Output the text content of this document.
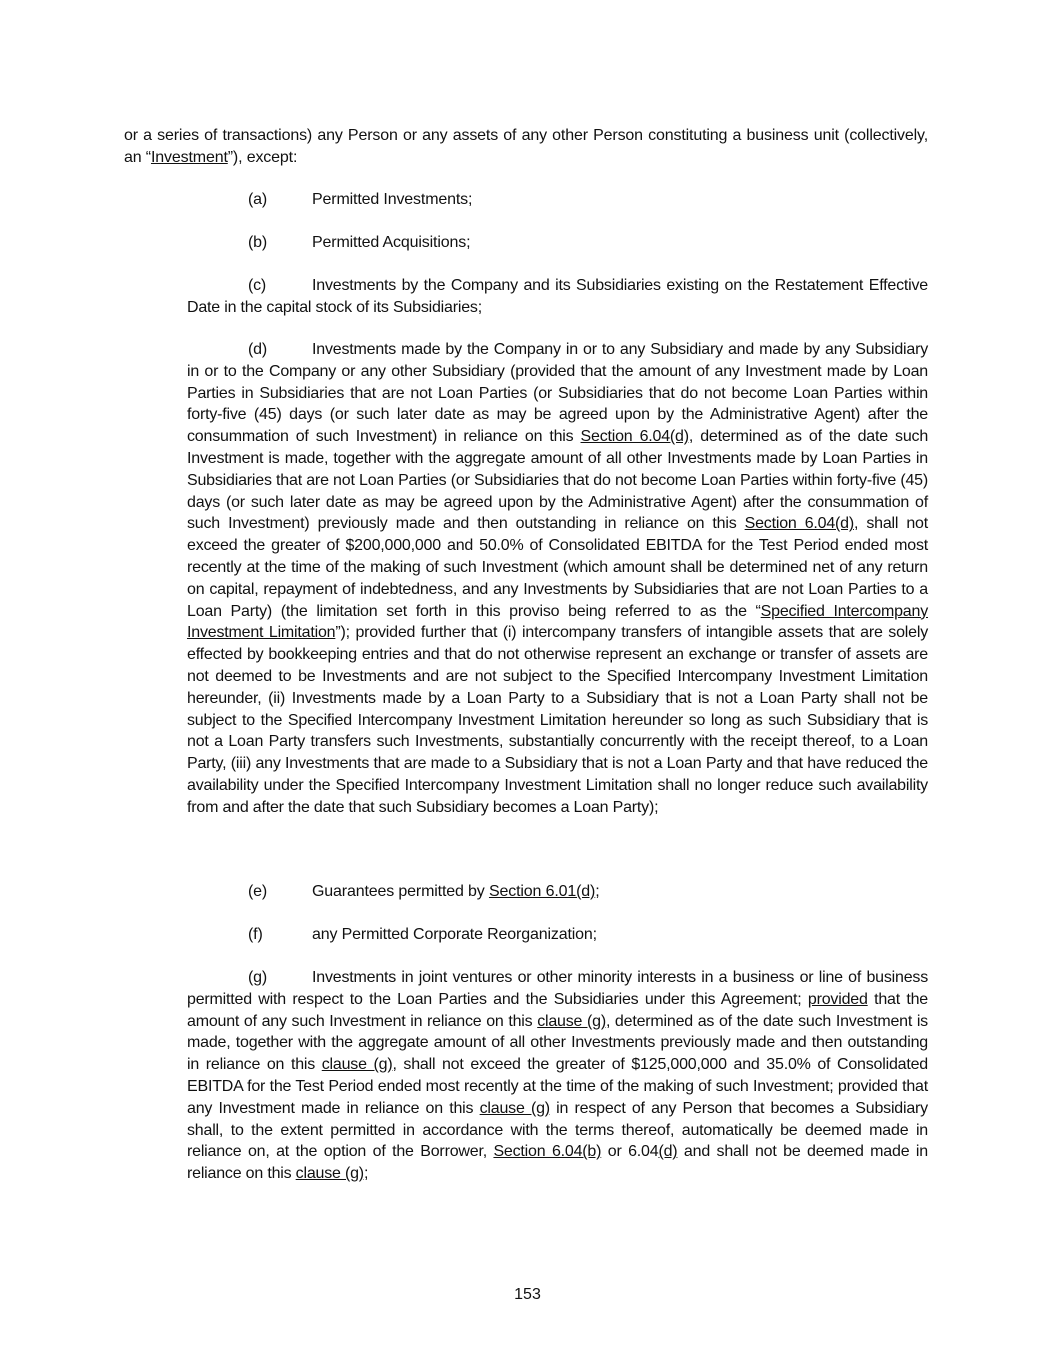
or a series of transactions) any Person or any assets of any other Person constituting a business unit (collectively, an “Investment”), except:

(a)	Permitted Investments;

(b)	Permitted Acquisitions;

(c)	Investments by the Company and its Subsidiaries existing on the Restatement Effective Date in the capital stock of its Subsidiaries;

(d)	Investments made by the Company in or to any Subsidiary and made by any Subsidiary in or to the Company or any other Subsidiary (provided that the amount of any Investment made by Loan Parties in Subsidiaries that are not Loan Parties (or Subsidiaries that do not become Loan Parties within forty-five (45) days (or such later date as may be agreed upon by the Administrative Agent) after the consummation of such Investment) in reliance on this Section 6.04(d), determined as of the date such Investment is made, together with the aggregate amount of all other Investments made by Loan Parties in Subsidiaries that are not Loan Parties (or Subsidiaries that do not become Loan Parties within forty-five (45) days (or such later date as may be agreed upon by the Administrative Agent) after the consummation of such Investment) previously made and then outstanding in reliance on this Section 6.04(d), shall not exceed the greater of $200,000,000 and 50.0% of Consolidated EBITDA for the Test Period ended most recently at the time of the making of such Investment (which amount shall be determined net of any return on capital, repayment of indebtedness, and any Investments by Subsidiaries that are not Loan Parties to a Loan Party) (the limitation set forth in this proviso being referred to as the “Specified Intercompany Investment Limitation”); provided further that (i) intercompany transfers of intangible assets that are solely effected by bookkeeping entries and that do not otherwise represent an exchange or transfer of assets are not deemed to be Investments and are not subject to the Specified Intercompany Investment Limitation hereunder, (ii) Investments made by a Loan Party to a Subsidiary that is not a Loan Party shall not be subject to the Specified Intercompany Investment Limitation hereunder so long as such Subsidiary that is not a Loan Party transfers such Investments, substantially concurrently with the receipt thereof, to a Loan Party, (iii) any Investments that are made to a Subsidiary that is not a Loan Party and that have reduced the availability under the Specified Intercompany Investment Limitation shall no longer reduce such availability from and after the date that such Subsidiary becomes a Loan Party);

(e)	Guarantees permitted by Section 6.01(d);

(f)	any Permitted Corporate Reorganization;

(g)	Investments in joint ventures or other minority interests in a business or line of business permitted with respect to the Loan Parties and the Subsidiaries under this Agreement; provided that the amount of any such Investment in reliance on this clause (g), determined as of the date such Investment is made, together with the aggregate amount of all other Investments previously made and then outstanding in reliance on this clause (g), shall not exceed the greater of $125,000,000 and 35.0% of Consolidated EBITDA for the Test Period ended most recently at the time of the making of such Investment; provided that any Investment made in reliance on this clause (g) in respect of any Person that becomes a Subsidiary shall, to the extent permitted in accordance with the terms thereof, automatically be deemed made in reliance on, at the option of the Borrower, Section 6.04(b) or 6.04(d) and shall not be deemed made in reliance on this clause (g);

153
